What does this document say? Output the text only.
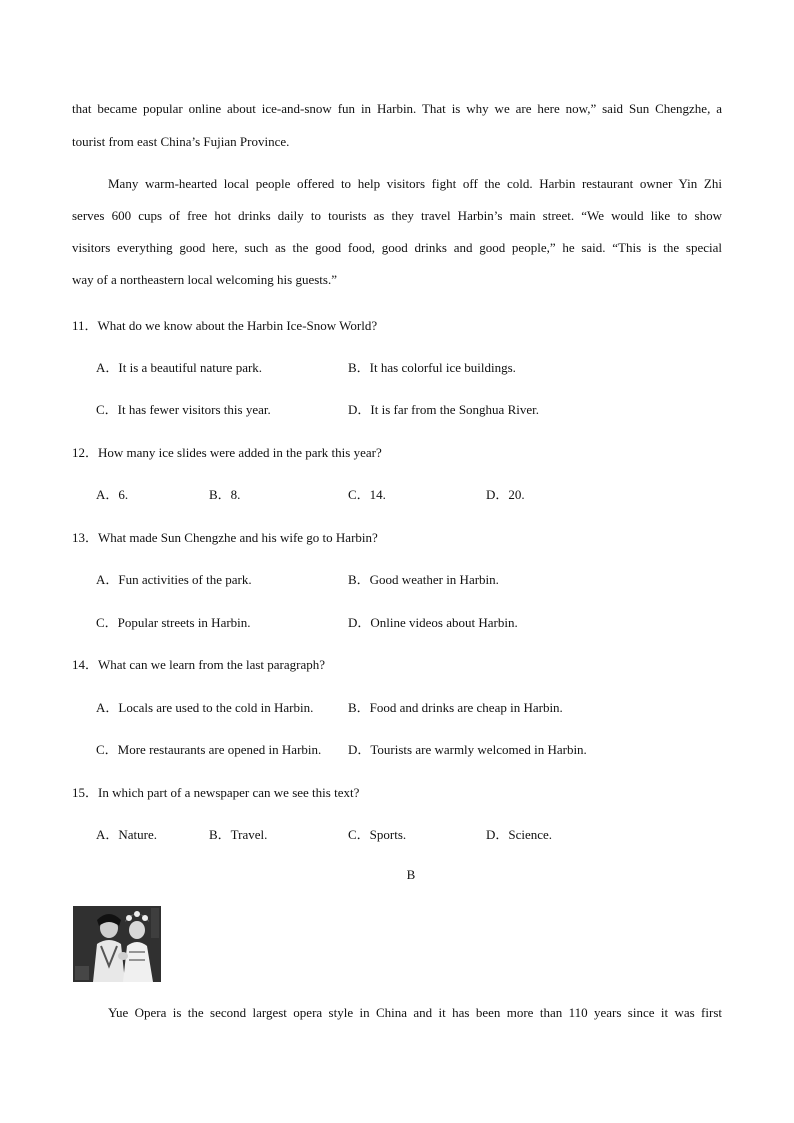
that became popular online about ice-and-snow fun in Harbin. That is why we are here now,” said Sun Chengzhe, a
tourist from east China’s Fujian Province.
Many warm-hearted local people offered to help visitors fight off the cold. Harbin restaurant owner Yin Zhi
serves 600 cups of free hot drinks daily to tourists as they travel Harbin’s main street. “We would like to show
visitors everything good here, such as the good food, good drinks and good people,” he said. “This is the special
way of a northeastern local welcoming his guests.”
11．What do we know about the Harbin Ice-Snow World?
A．It is a beautiful nature park.	B．It has colorful ice buildings.
C．It has fewer visitors this year.	D．It is far from the Songhua River.
12．How many ice slides were added in the park this year?
A．6.	B．8.	C．14.	D．20.
13．What made Sun Chengzhe and his wife go to Harbin?
A．Fun activities of the park.	B．Good weather in Harbin.
C．Popular streets in Harbin.	D．Online videos about Harbin.
14．What can we learn from the last paragraph?
A．Locals are used to the cold in Harbin.	B．Food and drinks are cheap in Harbin.
C．More restaurants are opened in Harbin. D．Tourists are warmly welcomed in Harbin.
15．In which part of a newspaper can we see this text?
A．Nature.	B．Travel.	C．Sports.	D．Science.
B
Yue Opera is the second largest opera style in China and it has been more than 110 years since it was first
